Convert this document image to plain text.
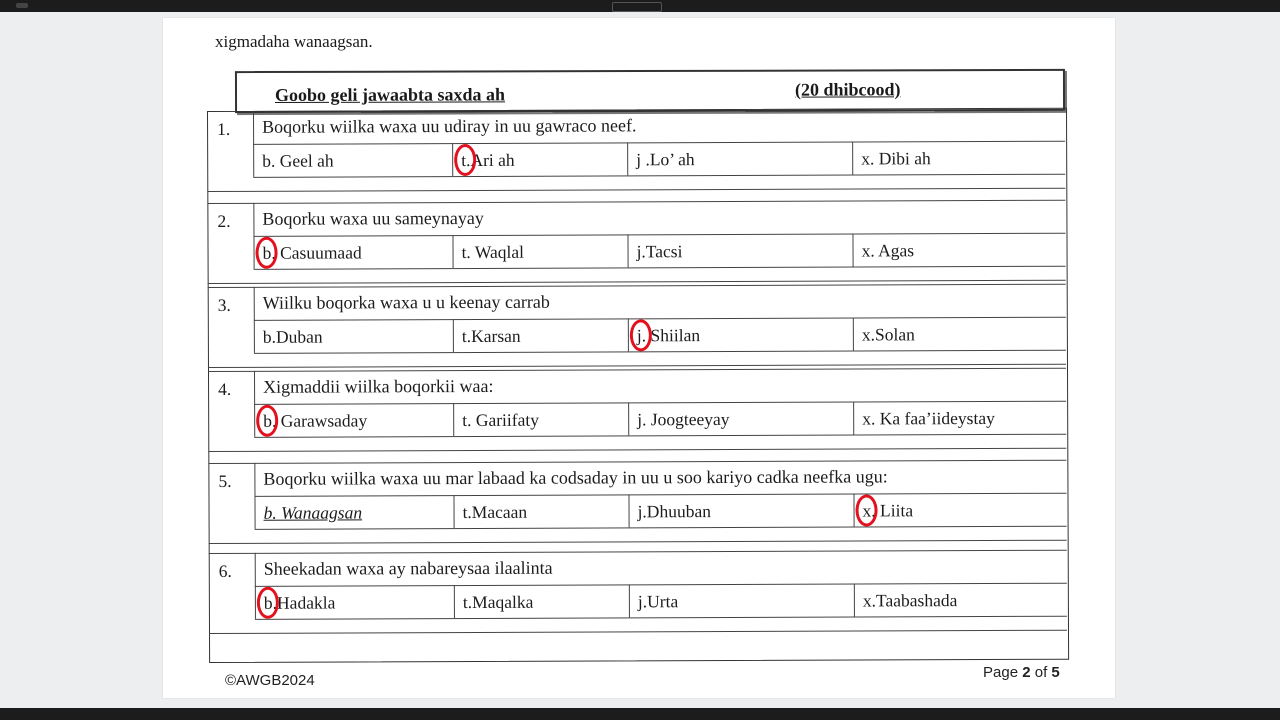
xigmadaha wanaagsan.
Goobo geli jawaabta saxda ah	(20 dhibcood)
1. Boqorku wiilka waxa uu udiray in uu gawraco neef.
b. Geel ah	t.Ari ah	j .Lo’ ah	x. Dibi ah
2. Boqorku waxa uu sameynayay
b. Casuumaad	t. Waqlal	j.Tacsi	x. Agas
3. Wiilku boqorka waxa u u keenay carrab
b.Duban	t.Karsan	j. Shiilan	x.Solan
4. Xigmaddii wiilka boqorkii waa:
b. Garawsaday	t. Gariifaty	j. Joogteeyay	x. Ka faa’iideystay
5. Boqorku wiilka waxa uu mar labaad ka codsaday in uu u soo kariyo cadka neefka ugu:
b. Wanaagsan	t.Macaan	j.Dhuuban	x. Liita
6. Sheekadan waxa ay nabareysaa ilaalinta
b.Hadakla	t.Maqalka	j.Urta	x.Taabashada
©AWGB2024	Page 2 of 5
